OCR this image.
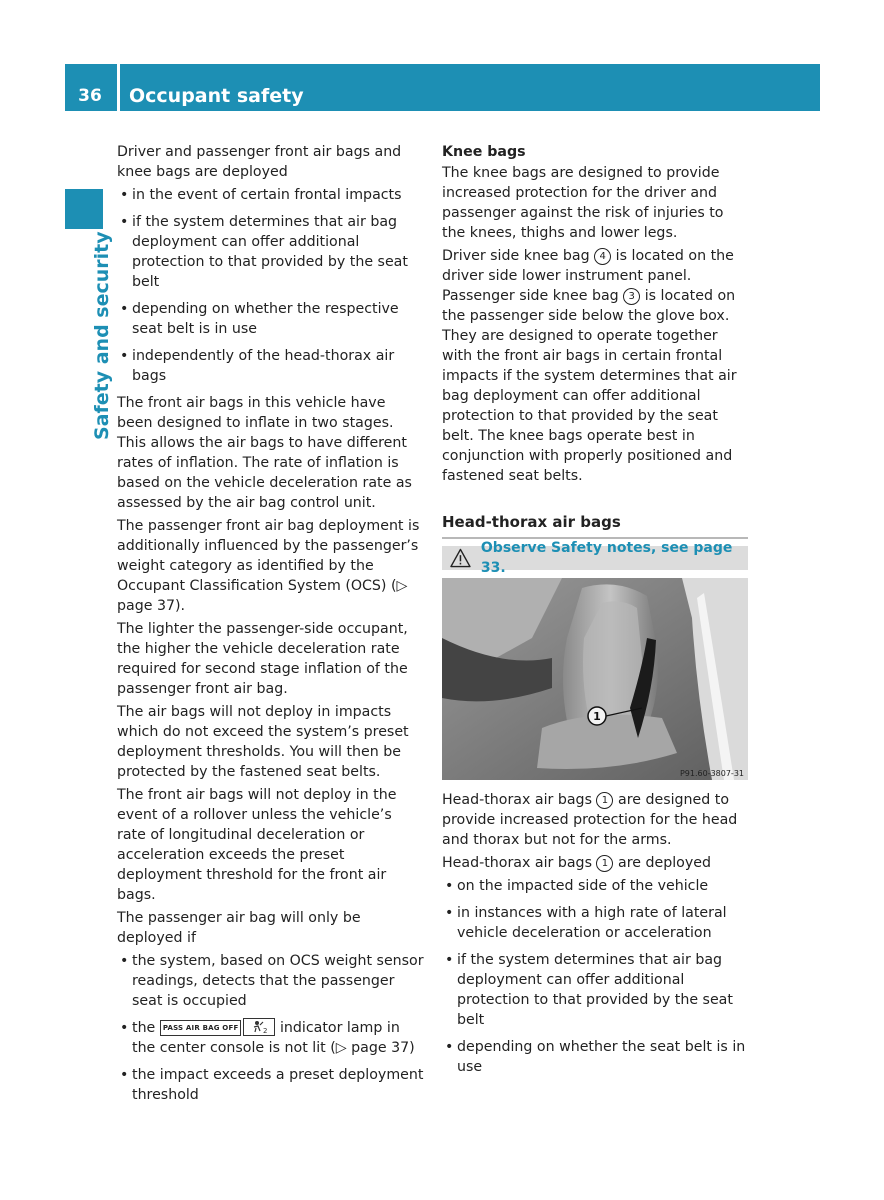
36	Occupant safety
Safety and security

Driver and passenger front air bags and knee bags are deployed

• in the event of certain frontal impacts
• if the system determines that air bag deployment can offer additional protection to that provided by the seat belt
• depending on whether the respective seat belt is in use
• independently of the head-thorax air bags

The front air bags in this vehicle have been designed to inflate in two stages. This allows the air bags to have different rates of inflation. The rate of inflation is based on the vehicle deceleration rate as assessed by the air bag control unit.

The passenger front air bag deployment is additionally influenced by the passenger’s weight category as identified by the Occupant Classification System (OCS) (▷ page 37).

The lighter the passenger-side occupant, the higher the vehicle deceleration rate required for second stage inflation of the passenger front air bag.

The air bags will not deploy in impacts which do not exceed the system’s preset deployment thresholds. You will then be protected by the fastened seat belts.

The front air bags will not deploy in the event of a rollover unless the vehicle’s rate of longitudinal deceleration or acceleration exceeds the preset deployment threshold for the front air bags.

The passenger air bag will only be deployed if

• the system, based on OCS weight sensor readings, detects that the passenger seat is occupied
• the PASS AIR BAG OFF	2 indicator lamp in the center console is not lit (▷ page 37)
• the impact exceeds a preset deployment threshold

Knee bags

The knee bags are designed to provide increased protection for the driver and passenger against the risk of injuries to the knees, thighs and lower legs.

Driver side knee bag 4 is located on the driver side lower instrument panel. Passenger side knee bag 3 is located on the passenger side below the glove box. They are designed to operate together with the front air bags in certain frontal impacts if the system determines that air bag deployment can offer additional protection to that provided by the seat belt. The knee bags operate best in conjunction with properly positioned and fastened seat belts.

Head-thorax air bags
Observe Safety notes, see page 33.
1
P91.60-3807-31

Head-thorax air bags 1 are designed to provide increased protection for the head and thorax but not for the arms.

Head-thorax air bags 1 are deployed

• on the impacted side of the vehicle
• in instances with a high rate of lateral vehicle deceleration or acceleration
• if the system determines that air bag deployment can offer additional protection to that provided by the seat belt
• depending on whether the seat belt is in use
